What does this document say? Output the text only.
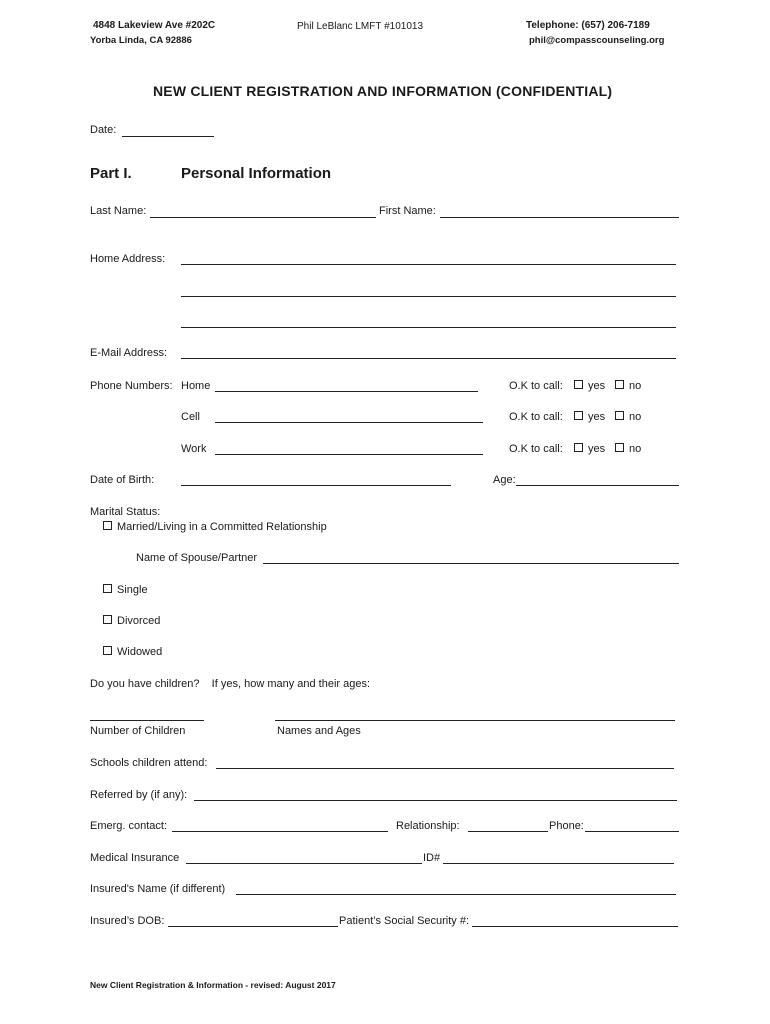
4848 Lakeview Ave #202C
Yorba Linda, CA 92886
Phil LeBlanc LMFT #101013	Telephone: (657) 206-7189
phil@compasscounseling.org
NEW CLIENT REGISTRATION AND INFORMATION (CONFIDENTIAL)
Date:
Part I.	Personal Information
Last Name:	First Name:
Home Address:
E-Mail Address:
Phone Numbers: Home	O.K to call:	yes	no
Cell	O.K to call:	yes	no
Work	O.K to call:	yes	no
Date of Birth:	Age:
Marital Status:
Married/Living in a Committed Relationship
Name of Spouse/Partner
Single
Divorced
Widowed
Do you have children?    If yes, how many and their ages:
Number of Children	Names and Ages
Schools children attend:
Referred by (if any):
Emerg. contact:	Relationship:	Phone:
Medical Insurance	ID#
Insured's Name (if different)
Insured’s DOB:	Patient’s Social Security #:
New Client Registration & Information - revised: August 2017
